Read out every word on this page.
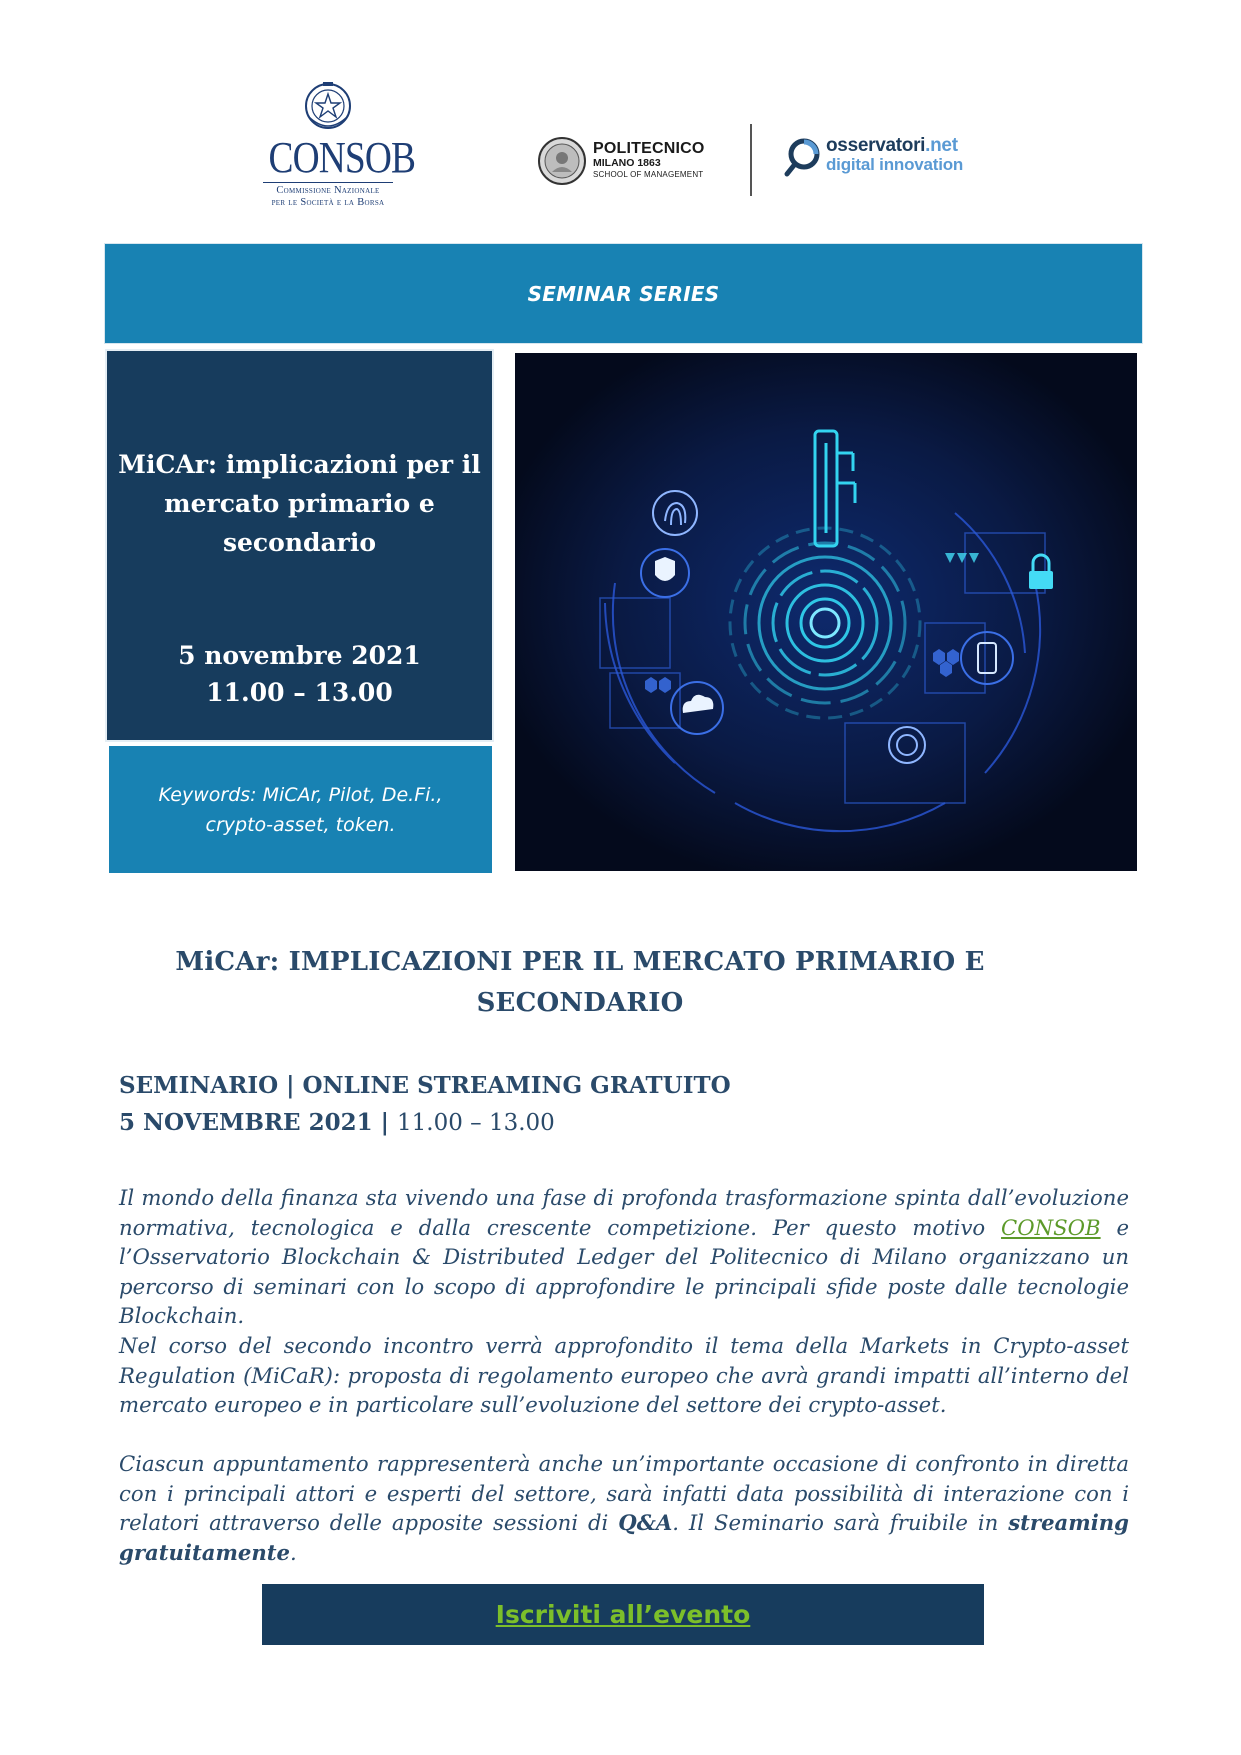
CONSOB
Commissione Nazionale
per le Società e la Borsa
POLITECNICO
MILANO 1863
SCHOOL OF MANAGEMENT
osservatori.net
digital innovation
SEMINAR SERIES
MiCAr: implicazioni per il mercato primario e secondario
5 novembre 2021
11.00 – 13.00
Keywords: MiCAr, Pilot, De.Fi., crypto-asset, token.
MiCAr: IMPLICAZIONI PER IL MERCATO PRIMARIO E
SECONDARIO
SEMINARIO | ONLINE STREAMING GRATUITO
5 NOVEMBRE 2021 | 11.00 – 13.00
Il mondo della finanza sta vivendo una fase di profonda trasformazione spinta dall’evoluzione normativa, tecnologica e dalla crescente competizione. Per questo motivo CONSOB e l’Osservatorio Blockchain & Distributed Ledger del Politecnico di Milano organizzano un percorso di seminari con lo scopo di approfondire le principali sfide poste dalle tecnologie Blockchain.
Nel corso del secondo incontro verrà approfondito il tema della Markets in Crypto-asset Regulation (MiCaR): proposta di regolamento europeo che avrà grandi impatti all’interno del mercato europeo e in particolare sull’evoluzione del settore dei crypto-asset.
Ciascun appuntamento rappresenterà anche un’importante occasione di confronto in diretta con i principali attori e esperti del settore, sarà infatti data possibilità di interazione con i relatori attraverso delle apposite sessioni di Q&A. Il Seminario sarà fruibile in streaming gratuitamente.
Iscriviti all’evento
